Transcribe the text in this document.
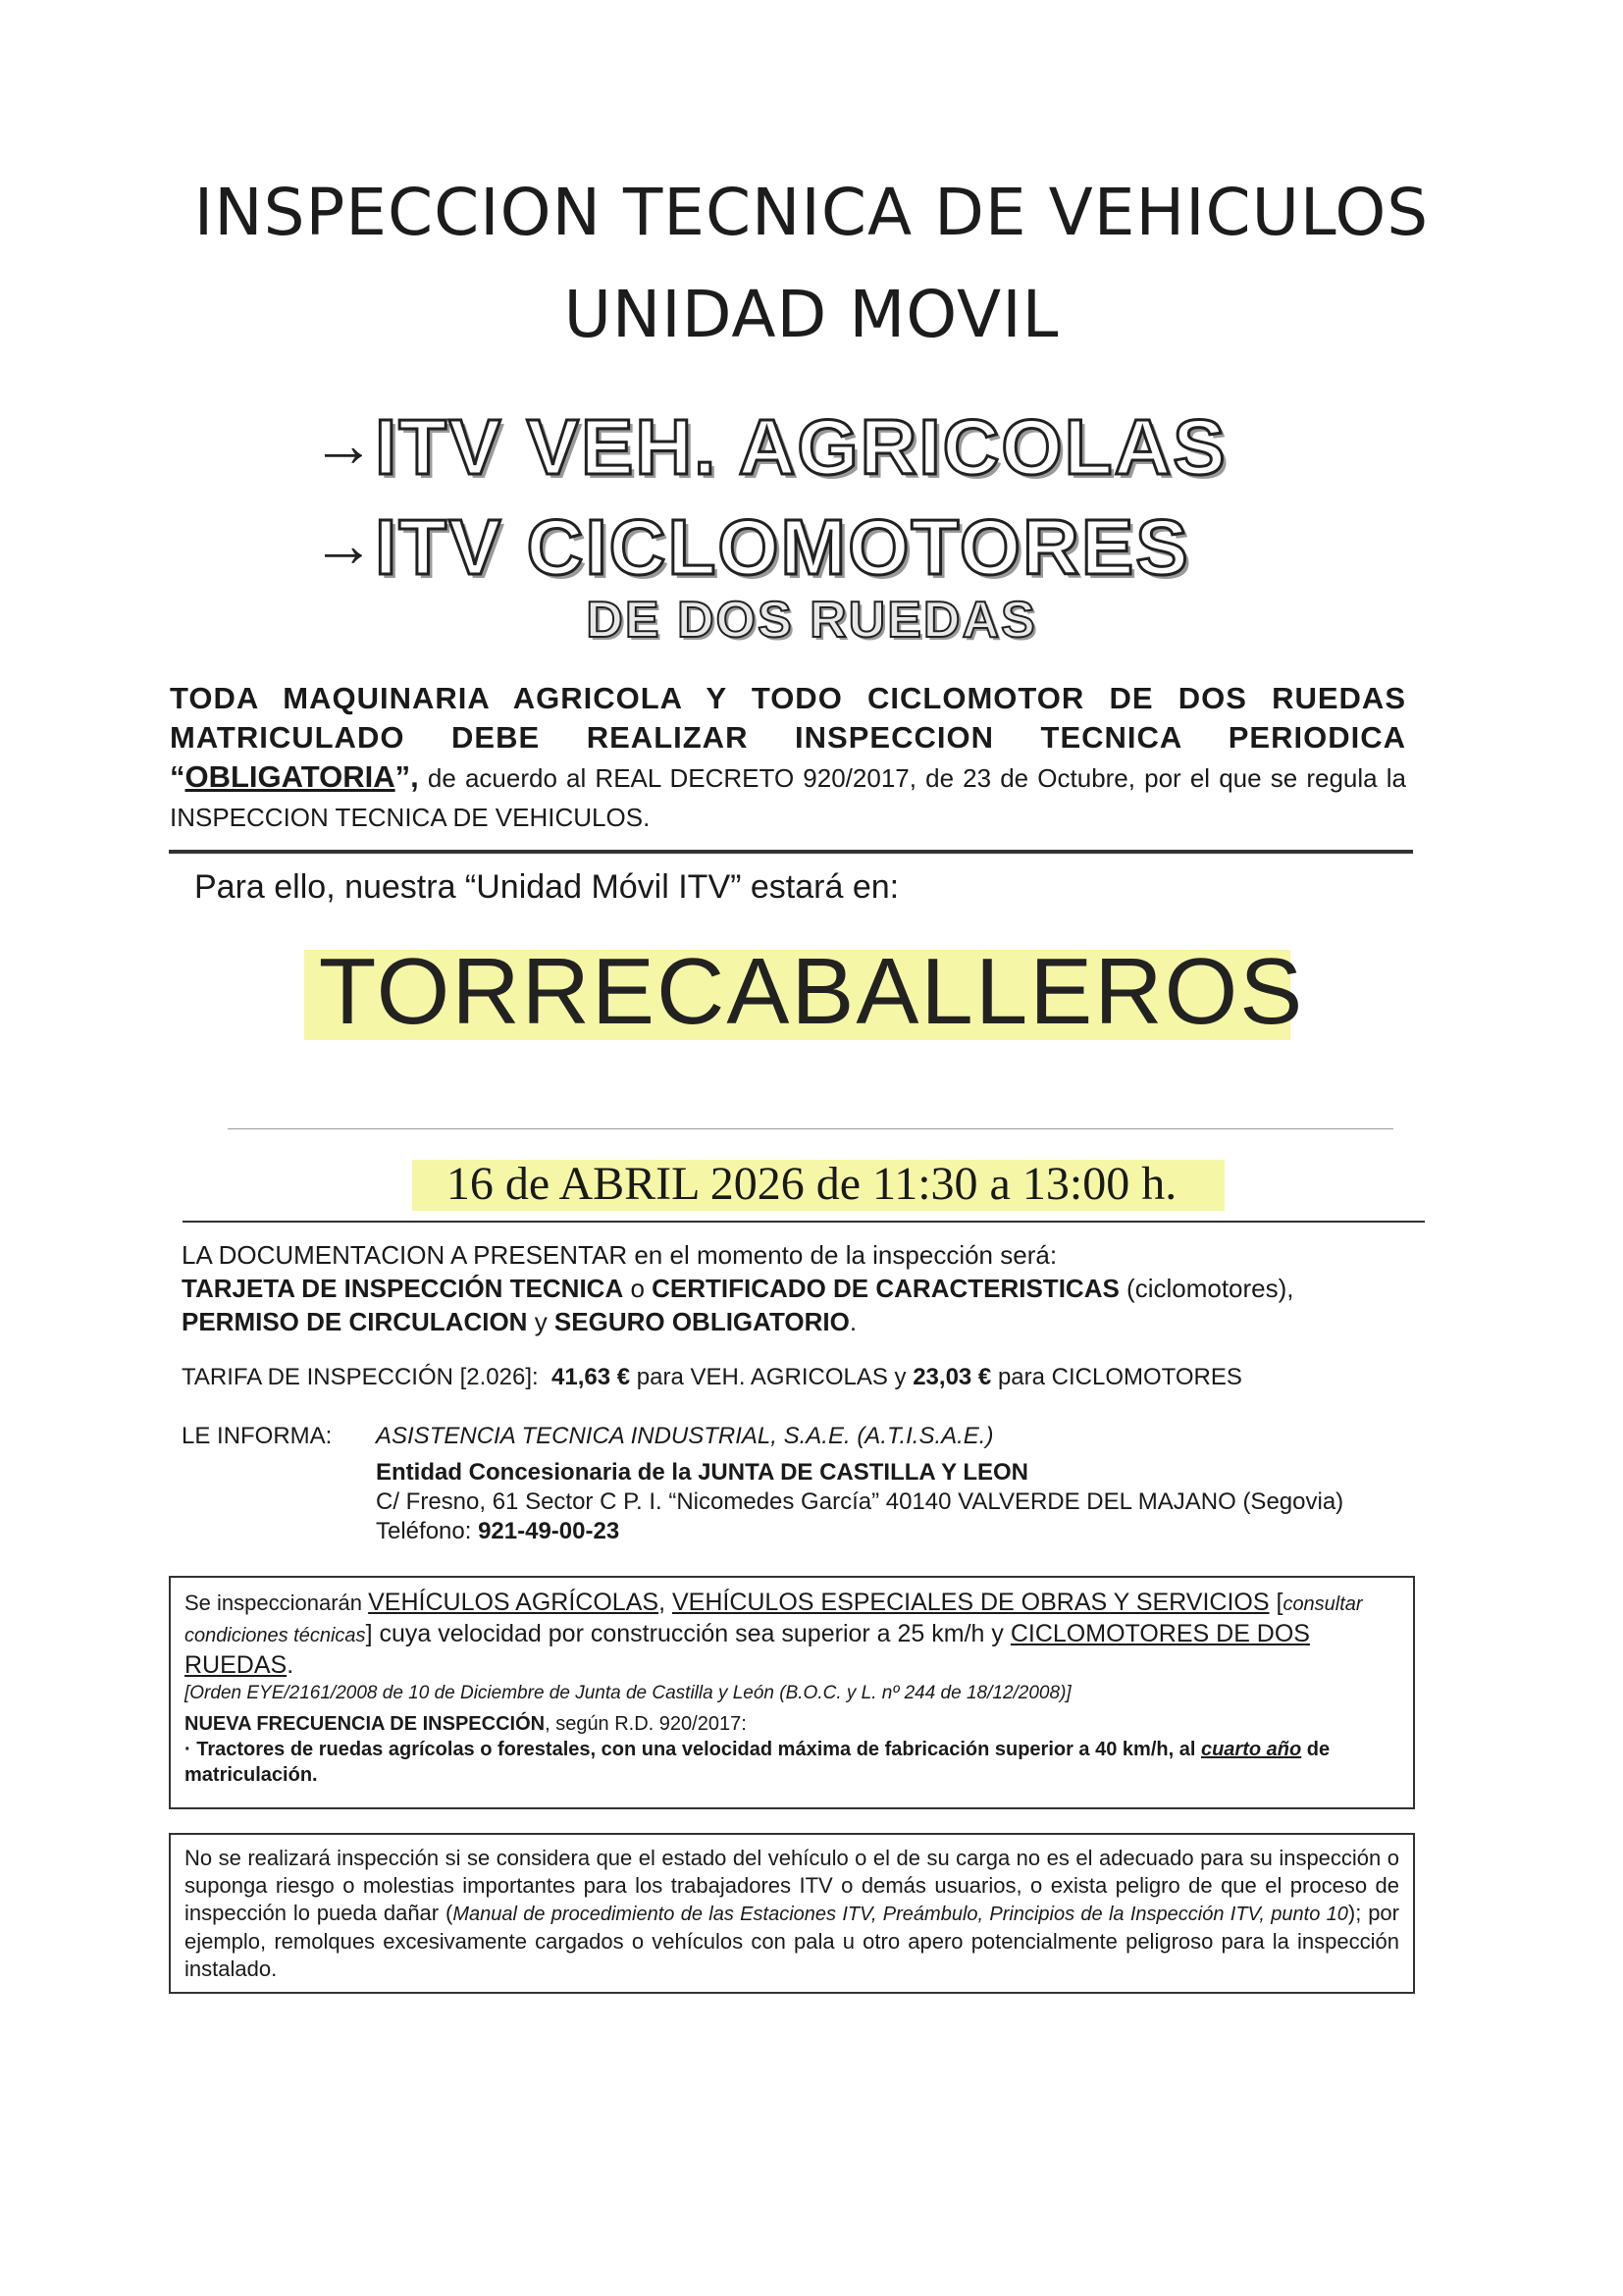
INSPECCION TECNICA DE VEHICULOS
UNIDAD MOVIL
→ITV VEH. AGRICOLAS
→ITV CICLOMOTORES
DE DOS RUEDAS
TODA MAQUINARIA AGRICOLA Y TODO CICLOMOTOR DE DOS RUEDAS MATRICULADO DEBE REALIZAR INSPECCION TECNICA PERIODICA
“OBLIGATORIA”, de acuerdo al REAL DECRETO 920/2017, de 23 de Octubre, por el que se regula la INSPECCION TECNICA DE VEHICULOS.
Para ello, nuestra “Unidad Móvil ITV” estará en:
TORRECABALLEROS
16 de ABRIL 2026 de 11:30 a 13:00 h.
LA DOCUMENTACION A PRESENTAR en el momento de la inspección será:
TARJETA DE INSPECCIÓN TECNICA o CERTIFICADO DE CARACTERISTICAS (ciclomotores),
PERMISO DE CIRCULACION y SEGURO OBLIGATORIO.
TARIFA DE INSPECCIÓN [2.026]: 41,63 € para VEH. AGRICOLAS y 23,03 € para CICLOMOTORES
LE INFORMA: ASISTENCIA TECNICA INDUSTRIAL, S.A.E. (A.T.I.S.A.E.)
Entidad Concesionaria de la JUNTA DE CASTILLA Y LEON
C/ Fresno, 61 Sector C P. I. “Nicomedes García” 40140 VALVERDE DEL MAJANO (Segovia)
Teléfono: 921-49-00-23
Se inspeccionarán VEHÍCULOS AGRÍCOLAS, VEHÍCULOS ESPECIALES DE OBRAS Y SERVICIOS [consultar condiciones técnicas] cuya velocidad por construcción sea superior a 25 km/h y CICLOMOTORES DE DOS RUEDAS.
[Orden EYE/2161/2008 de 10 de Diciembre de Junta de Castilla y León (B.O.C. y L. nº 244 de 18/12/2008)]
NUEVA FRECUENCIA DE INSPECCIÓN, según R.D. 920/2017:
· Tractores de ruedas agrícolas o forestales, con una velocidad máxima de fabricación superior a 40 km/h, al cuarto año de matriculación.
No se realizará inspección si se considera que el estado del vehículo o el de su carga no es el adecuado para su inspección o suponga riesgo o molestias importantes para los trabajadores ITV o demás usuarios, o exista peligro de que el proceso de inspección lo pueda dañar (Manual de procedimiento de las Estaciones ITV, Preámbulo, Principios de la Inspección ITV, punto 10); por ejemplo, remolques excesivamente cargados o vehículos con pala u otro apero potencialmente peligroso para la inspección instalado.
